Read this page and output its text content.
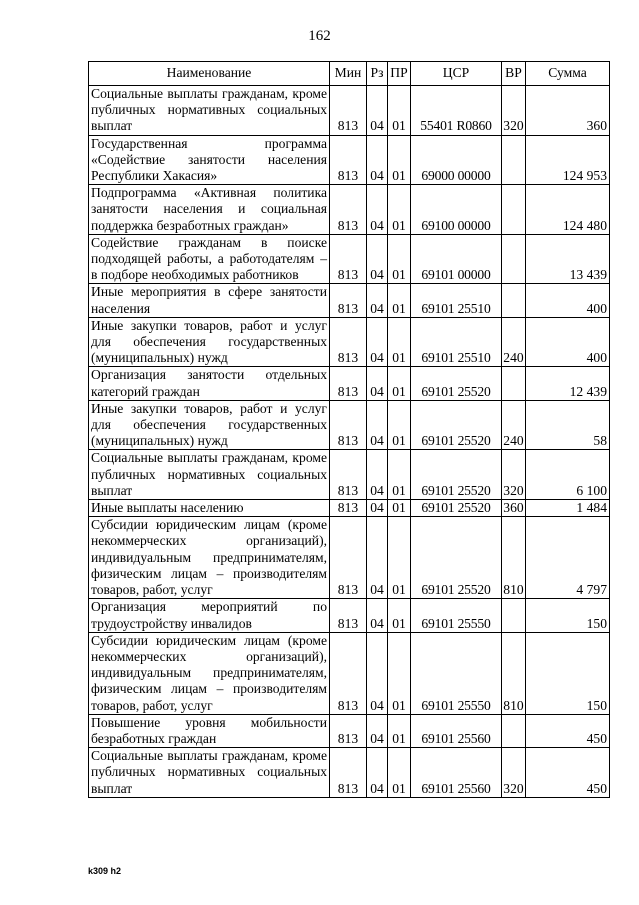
162
Наименование	Мин	Рз	ПР	ЦСР	ВР	Сумма
Социальные выплаты гражданам, кроме публичных нормативных социальных выплат	813	04	01	55401 R0860	320	360
Государственная программа «Содействие занятости населения Республики Хакасия»	813	04	01	69000 00000		124 953
Подпрограмма «Активная политика занятости населения и социальная поддержка безработных граждан»	813	04	01	69100 00000		124 480
Содействие гражданам в поиске подходящей работы, а работодателям – в подборе необходимых работников	813	04	01	69101 00000		13 439
Иные мероприятия в сфере занятости населения	813	04	01	69101 25510		400
Иные закупки товаров, работ и услуг для обеспечения государственных (муниципальных) нужд	813	04	01	69101 25510	240	400
Организация занятости отдельных категорий граждан	813	04	01	69101 25520		12 439
Иные закупки товаров, работ и услуг для обеспечения государственных (муниципальных) нужд	813	04	01	69101 25520	240	58
Социальные выплаты гражданам, кроме публичных нормативных социальных выплат	813	04	01	69101 25520	320	6 100
Иные выплаты населению	813	04	01	69101 25520	360	1 484
Субсидии юридическим лицам (кроме некоммерческих организаций), индивидуальным предпринимателям, физическим лицам – производителям товаров, работ, услуг	813	04	01	69101 25520	810	4 797
Организация мероприятий по трудоустройству инвалидов	813	04	01	69101 25550		150
Субсидии юридическим лицам (кроме некоммерческих организаций), индивидуальным предпринимателям, физическим лицам – производителям товаров, работ, услуг	813	04	01	69101 25550	810	150
Повышение уровня мобильности безработных граждан	813	04	01	69101 25560		450
Социальные выплаты гражданам, кроме публичных нормативных социальных выплат	813	04	01	69101 25560	320	450
k309 h2
